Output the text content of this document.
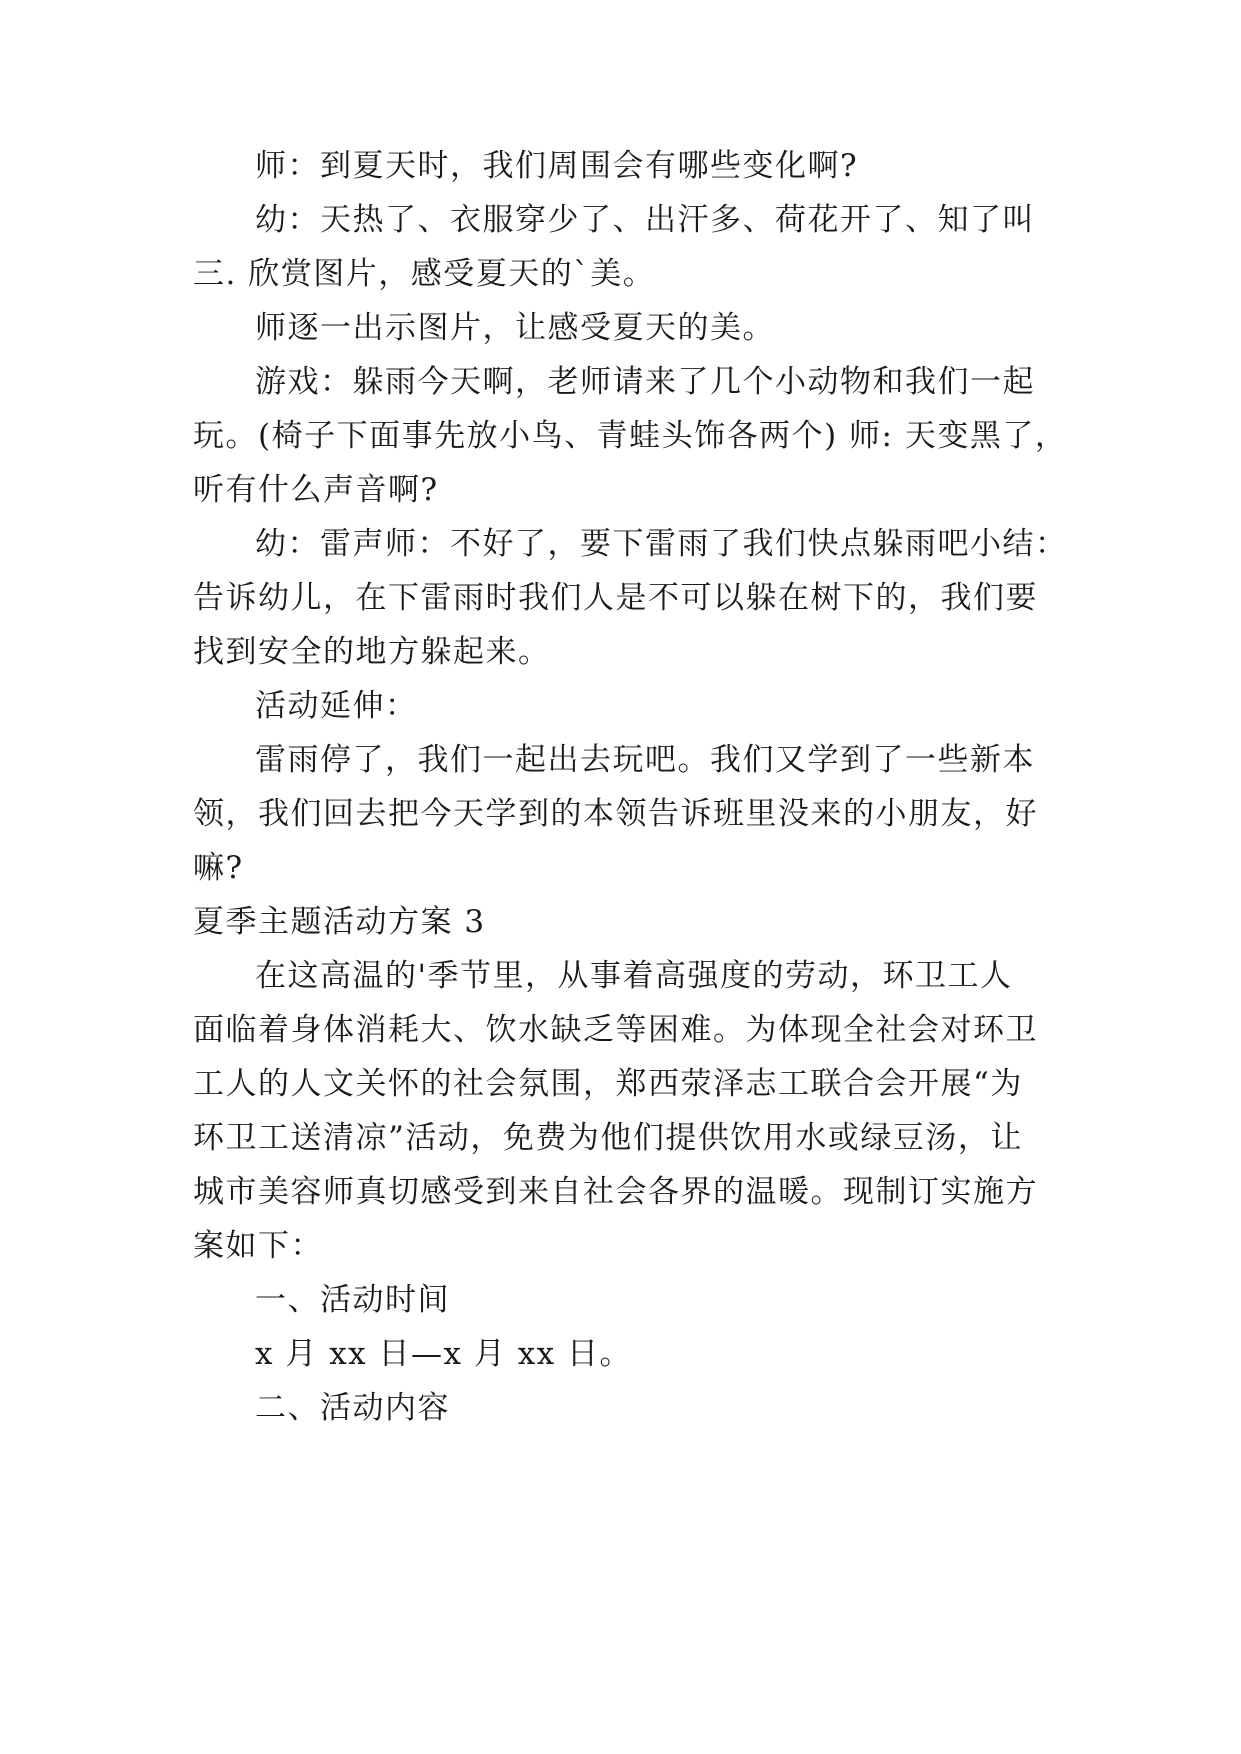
师：到夏天时，我们周围会有哪些变化啊?
幼：天热了、衣服穿少了、出汗多、荷花开了、知了叫
三. 欣赏图片，感受夏天的`美。
师逐一出示图片，让感受夏天的美。
游戏：躲雨今天啊，老师请来了几个小动物和我们一起
玩。(椅子下面事先放小鸟、青蛙头饰各两个) 师: 天变黑了，
听有什么声音啊?
幼：雷声师：不好了，要下雷雨了我们快点躲雨吧小结：
告诉幼儿，在下雷雨时我们人是不可以躲在树下的，我们要
找到安全的地方躲起来。
活动延伸：
雷雨停了，我们一起出去玩吧。我们又学到了一些新本
领，我们回去把今天学到的本领告诉班里没来的小朋友，好
嘛?
夏季主题活动方案 3
在这高温的'季节里，从事着高强度的劳动，环卫工人
面临着身体消耗大、饮水缺乏等困难。为体现全社会对环卫
工人的人文关怀的社会氛围，郑西荥泽志工联合会开展“为
环卫工送清凉”活动，免费为他们提供饮用水或绿豆汤，让
城市美容师真切感受到来自社会各界的温暖。现制订实施方
案如下：
一、活动时间
x 月 xx 日—x 月 xx 日。
二、活动内容
